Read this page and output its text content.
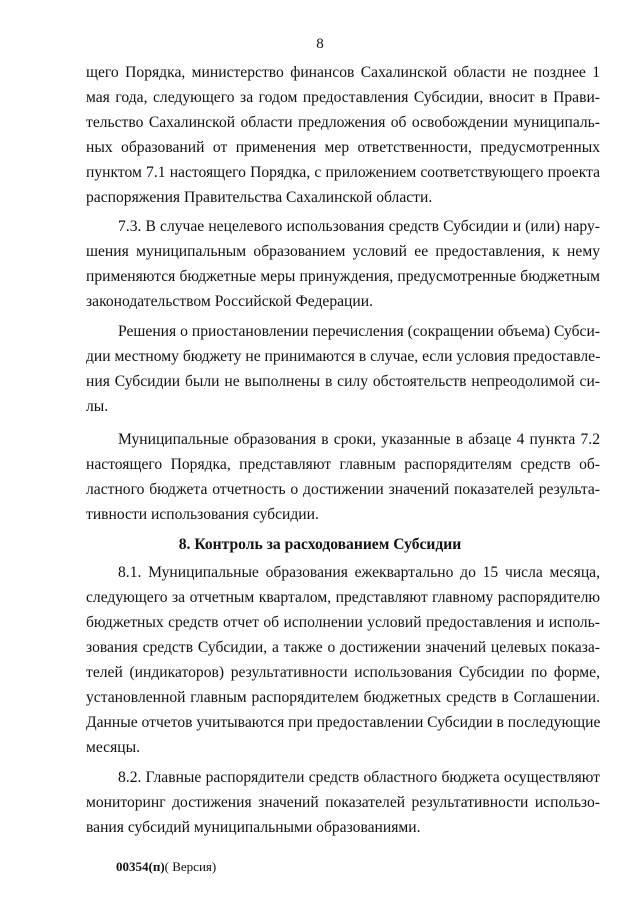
8
щего Порядка, министерство финансов Сахалинской области не позднее 1
мая года, следующего за годом предоставления Субсидии, вносит в Прави-
тельство Сахалинской области предложения об освобождении муниципаль-
ных образований от применения мер ответственности, предусмотренных
пунктом 7.1 настоящего Порядка, с приложением соответствующего проекта
распоряжения Правительства Сахалинской области.
7.3. В случае нецелевого использования средств Субсидии и (или) нару-
шения муниципальным образованием условий ее предоставления, к нему
применяются бюджетные меры принуждения, предусмотренные бюджетным
законодательством Российской Федерации.
Решения о приостановлении перечисления (сокращении объема) Субси-
дии местному бюджету не принимаются в случае, если условия предоставле-
ния Субсидии были не выполнены в силу обстоятельств непреодолимой си-
лы.
Муниципальные образования в сроки, указанные в абзаце 4 пункта 7.2
настоящего Порядка, представляют главным распорядителям средств об-
ластного бюджета отчетность о достижении значений показателей результа-
тивности использования субсидии.
8. Контроль за расходованием Субсидии
8.1. Муниципальные образования ежеквартально до 15 числа месяца,
следующего за отчетным кварталом, представляют главному распорядителю
бюджетных средств отчет об исполнении условий предоставления и исполь-
зования средств Субсидии, а также о достижении значений целевых показа-
телей (индикаторов) результативности использования Субсидии по форме,
установленной главным распорядителем бюджетных средств в Соглашении.
Данные отчетов учитываются при предоставлении Субсидии в последующие
месяцы.
8.2. Главные распорядители средств областного бюджета осуществляют
мониторинг достижения значений показателей результативности использо-
вания субсидий муниципальными образованиями.
00354(п)( Версия)
